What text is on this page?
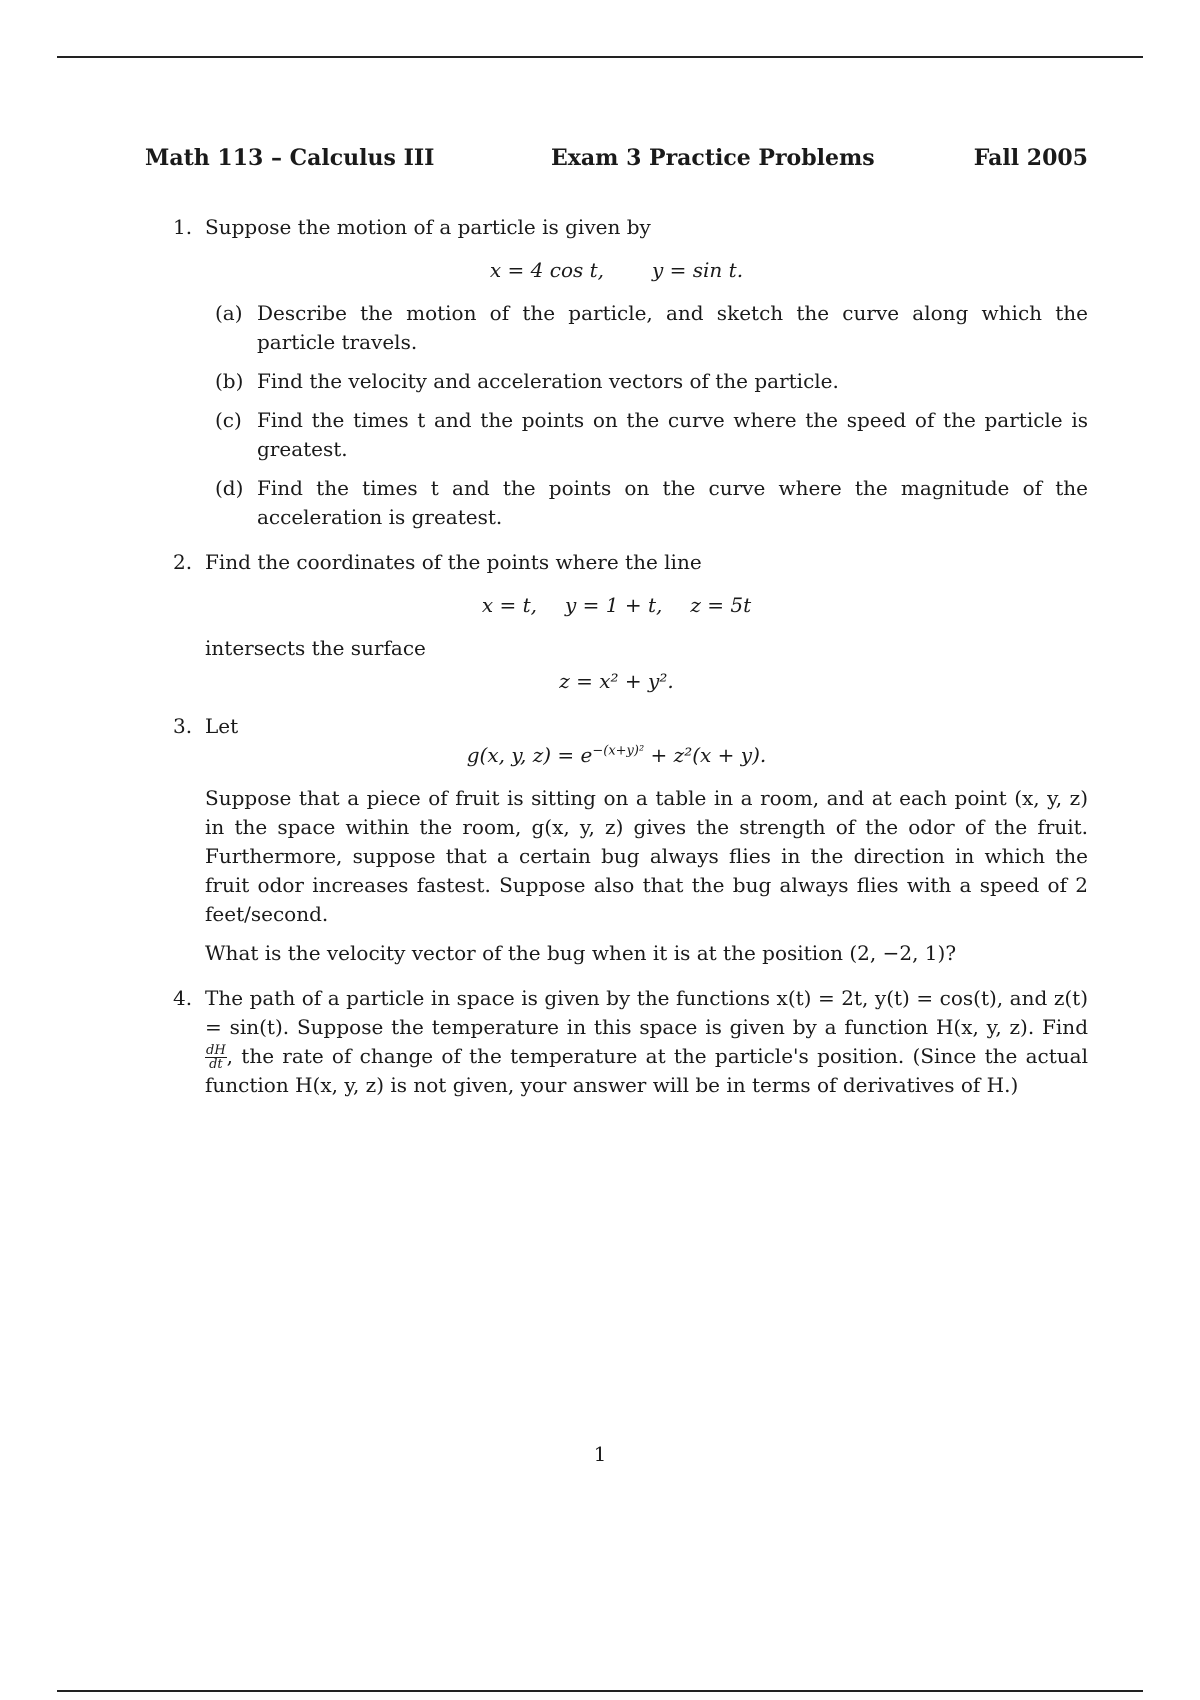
Math 113 – Calculus III	Exam 3 Practice Problems	Fall 2005
1. Suppose the motion of a particle is given by

x = 4 cos t, y = sin t.
(a) Describe the motion of the particle, and sketch the curve along which the particle travels.
(b) Find the velocity and acceleration vectors of the particle.
(c) Find the times t and the points on the curve where the speed of the particle is greatest.
(d) Find the times t and the points on the curve where the magnitude of the acceleration is greatest.
2. Find the coordinates of the points where the line

x = t, y = 1 + t, z = 5t

intersects the surface

z = x² + y².
3. Let

g(x, y, $z) = e^{-(x+y)^2} + z^2(x + y)$.

Suppose that a piece of fruit is sitting on a table in a room, and at each point (x, y, z) in the space within the room, g(x, y, z) gives the strength of the odor of the fruit. Furthermore, suppose that a certain bug always flies in the direction in which the fruit odor increases fastest. Suppose also that the bug always flies with a speed of 2 feet/second.

What is the velocity vector of the bug when it is at the position (2, −2, 1)?

4. The path of a particle in space is given by the functions x(t) = 2t, y(t) = cos(t), and z(t) = sin(t). Suppose the temperature in this space is given by a function H(x, y, z). Find
$\frac{dH}{dt}$ , the rate of change of the temperature at the particle's position. (Since the actual function H(x, y, z) is not given, your answer will be in terms of derivatives of H.)

1
